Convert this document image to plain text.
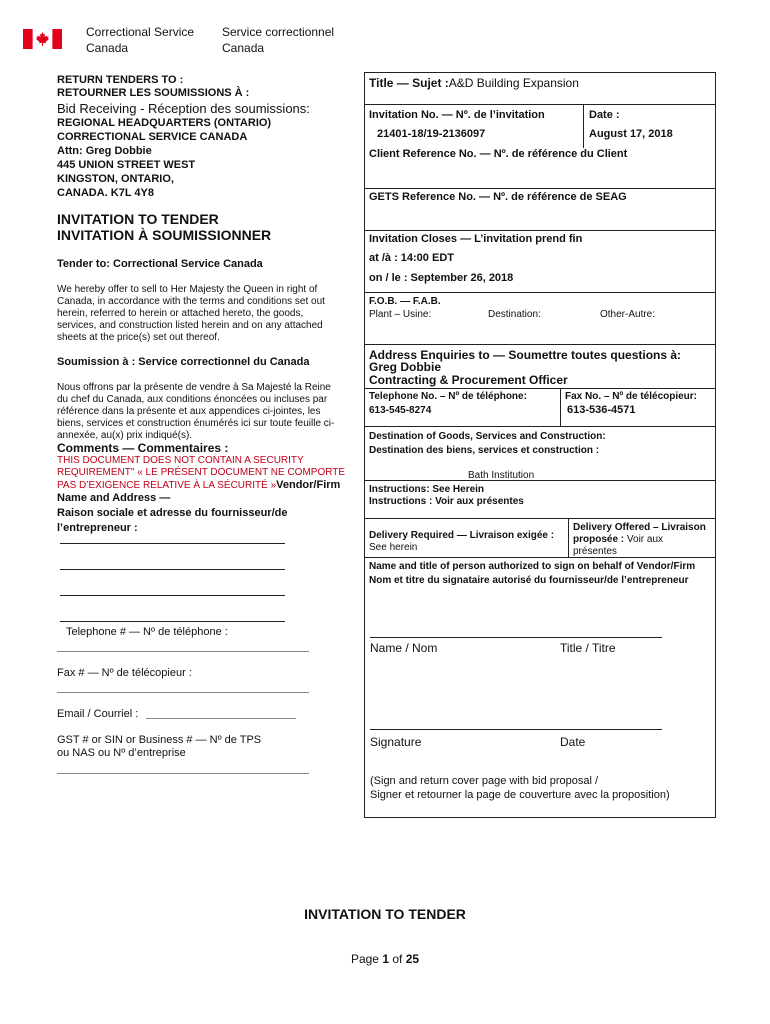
Correctional Service
Canada
Service correctionnel
Canada
RETURN TENDERS TO :
RETOURNER LES SOUMISSIONS À :
Bid Receiving - Réception des soumissions:
REGIONAL HEADQUARTERS (ONTARIO)
CORRECTIONAL SERVICE CANADA
Attn: Greg Dobbie
445 UNION STREET WEST
KINGSTON, ONTARIO,
CANADA. K7L 4Y8
INVITATION TO TENDER
INVITATION À SOUMISSIONNER
Tender to: Correctional Service Canada
We hereby offer to sell to Her Majesty the Queen in right of
Canada, in accordance with the terms and conditions set out
herein, referred to herein or attached hereto, the goods,
services, and construction listed herein and on any attached
sheets at the price(s) set out thereof.
Soumission à : Service correctionnel du Canada
Nous offrons par la présente de vendre à Sa Majesté la Reine
du chef du Canada, aux conditions énoncées ou incluses par
référence dans la présente et aux appendices ci-jointes, les
biens, services et construction énumérés ici sur toute feuille ci-
annexée, au(x) prix indiqué(s).
Comments — Commentaires :
THIS DOCUMENT DOES NOT CONTAIN A SECURITY
REQUIREMENT" « LE PRÉSENT DOCUMENT NE COMPORTE
PAS D’EXIGENCE RELATIVE À LA SÉCURITÉ »Vendor/Firm
Name and Address —
Raison sociale et adresse du fournisseur/de
l’entrepreneur :
Telephone # — Nº de téléphone :
Fax # — Nº de télécopieur :
Email / Courriel :
GST # or SIN or Business # — Nº de TPS
ou NAS ou Nº d’entreprise
Title — Sujet :A&D Building Expansion
Invitation No. — Nº. de l’invitation	Date :
21401-18/19-2136097	August 17, 2018
Client Reference No. — Nº. de référence du Client
GETS Reference No. — Nº. de référence de SEAG
Invitation Closes — L’invitation prend fin
at /à : 14:00 EDT
on / le : September 26, 2018
F.O.B. — F.A.B.
Plant – Usine:	Destination:	Other-Autre:
Address Enquiries to — Soumettre toutes questions à:
Greg Dobbie
Contracting & Procurement Officer
Telephone No. – Nº de téléphone:
613-545-8274
Fax No. – Nº de télécopieur:
613-536-4571
Destination of Goods, Services and Construction:
Destination des biens, services et construction :
Bath Institution
Instructions: See Herein
Instructions : Voir aux présentes
Delivery Required — Livraison exigée :
See herein
Delivery Offered – Livraison
proposée : Voir aux
présentes
Name and title of person authorized to sign on behalf of Vendor/Firm
Nom et titre du signataire autorisé du fournisseur/de l’entrepreneur
Name / Nom	Title / Titre
Signature	Date
(Sign and return cover page with bid proposal /
Signer et retourner la page de couverture avec la proposition)
INVITATION TO TENDER
Page 1 of 25
